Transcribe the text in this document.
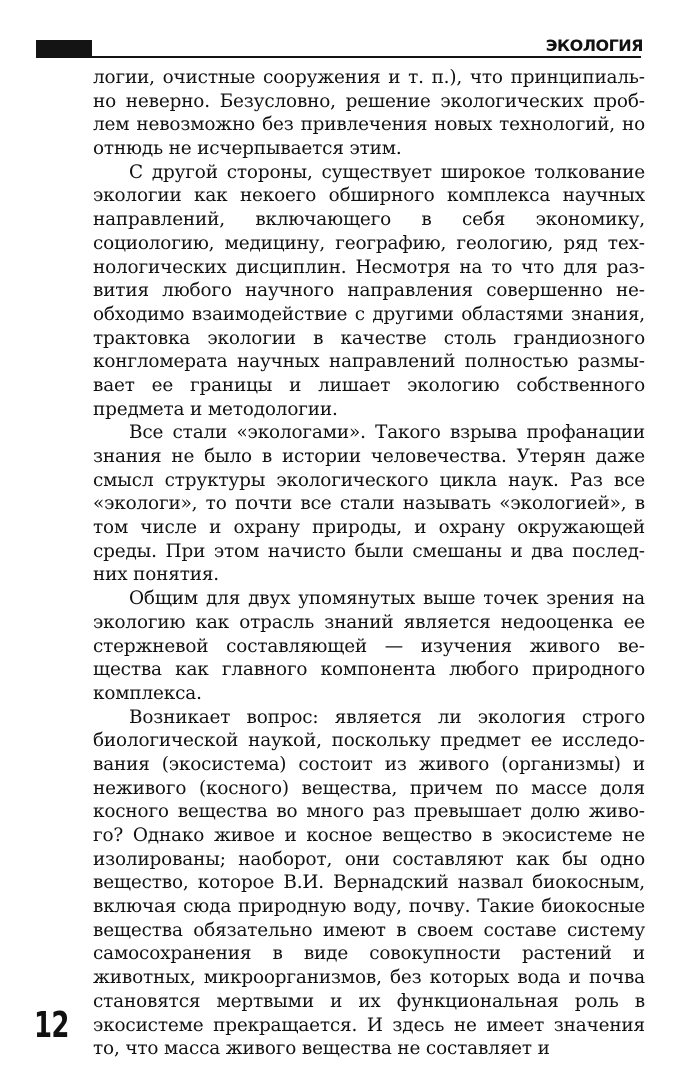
ЭКОЛОГИЯ

логии, очистные сооружения и т. п.), что принципиально неверно. Безусловно, решение экологических проблем невозможно без привлечения новых технологий, но отнюдь не исчерпывается этим.

С другой стороны, существует широкое толкование экологии как некоего обширного комплекса научных направлений, включающего в себя экономику, социологию, медицину, географию, геологию, ряд технологических дисциплин. Несмотря на то что для развития любого научного направления совершенно необходимо взаимодействие с другими областями знания, трактовка экологии в качестве столь грандиозного конгломерата научных направлений полностью размывает ее границы и лишает экологию собственного предмета и методологии.

Все стали «экологами». Такого взрыва профанации знания не было в истории человечества. Утерян даже смысл структуры экологического цикла наук. Раз все «экологи», то почти все стали называть «экологией», в том числе и охрану природы, и охрану окружающей среды. При этом начисто были смешаны и два последних понятия.

Общим для двух упомянутых выше точек зрения на экологию как отрасль знаний является недооценка ее стержневой составляющей — изучения живого вещества как главного компонента любого природного комплекса.

Возникает вопрос: является ли экология строго биологической наукой, поскольку предмет ее исследования (экосистема) состоит из живого (организмы) и неживого (косного) вещества, причем по массе доля косного вещества во много раз превышает долю живого? Однако живое и косное вещество в экосистеме не изолированы; наоборот, они составляют как бы одно вещество, которое В.И. Вернадский назвал биокосным, включая сюда природную воду, почву. Такие биокосные вещества обязательно имеют в своем составе систему самосохранения в виде совокупности растений и животных, микроорганизмов, без которых вода и почва становятся мертвыми и их функциональная роль в экосистеме прекращается. И здесь не имеет значения то, что масса живого вещества не составляет и

12
